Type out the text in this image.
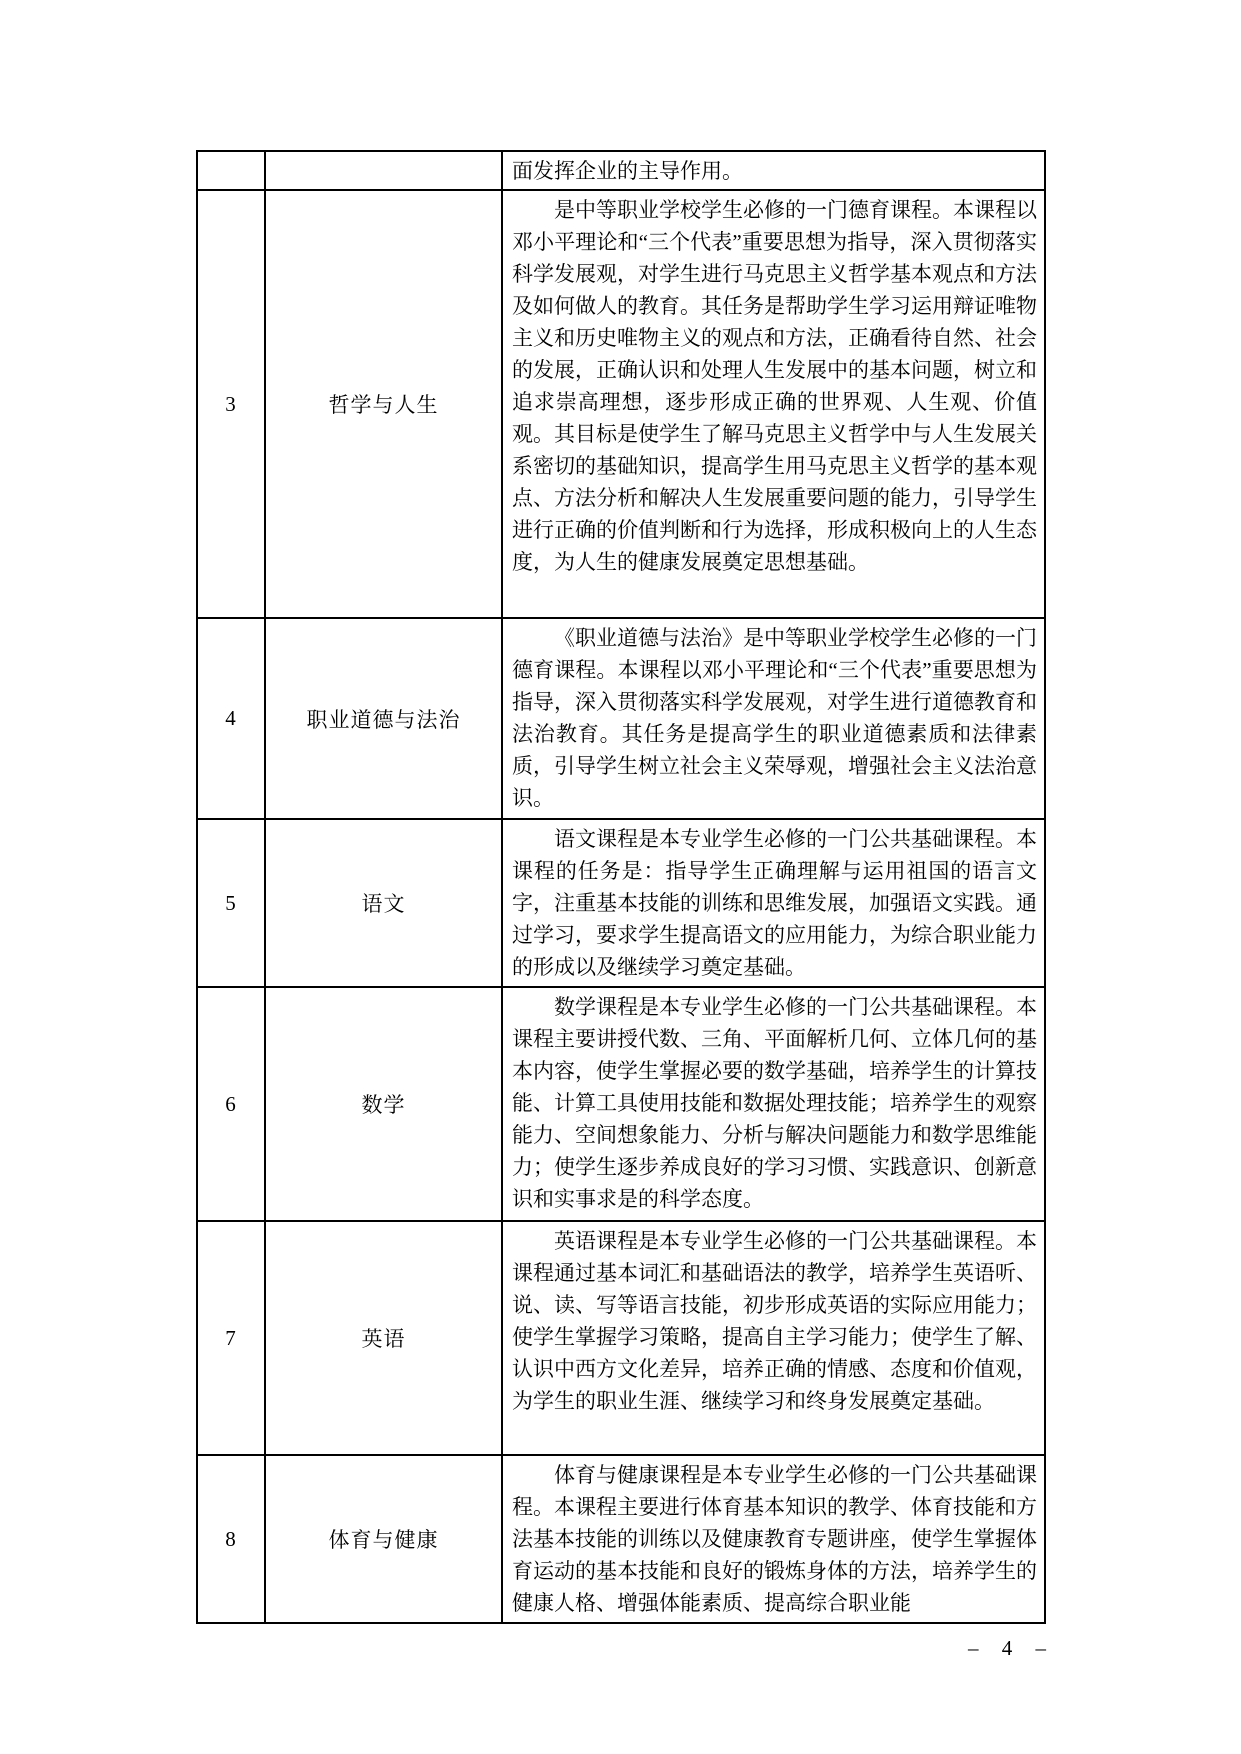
		面发挥企业的主导作用。

3	哲学与人生	是中等职业学校学生必修的一门德育课程。本课程以邓小平理论和“三个代表”重要思想为指导，深入贯彻落实科学发展观，对学生进行马克思主义哲学基本观点和方法及如何做人的教育。其任务是帮助学生学习运用辩证唯物主义和历史唯物主义的观点和方法，正确看待自然、社会的发展，正确认识和处理人生发展中的基本问题，树立和追求崇高理想，逐步形成正确的世界观、人生观、价值观。其目标是使学生了解马克思主义哲学中与人生发展关系密切的基础知识，提高学生用马克思主义哲学的基本观点、方法分析和解决人生发展重要问题的能力，引导学生进行正确的价值判断和行为选择，形成积极向上的人生态度，为人生的健康发展奠定思想基础。

4	职业道德与法治	《职业道德与法治》是中等职业学校学生必修的一门德育课程。本课程以邓小平理论和“三个代表”重要思想为指导，深入贯彻落实科学发展观，对学生进行道德教育和法治教育。其任务是提高学生的职业道德素质和法律素质，引导学生树立社会主义荣辱观，增强社会主义法治意识。

5	语文	语文课程是本专业学生必修的一门公共基础课程。本课程的任务是：指导学生正确理解与运用祖国的语言文字，注重基本技能的训练和思维发展，加强语文实践。通过学习，要求学生提高语文的应用能力，为综合职业能力的形成以及继续学习奠定基础。

6	数学	数学课程是本专业学生必修的一门公共基础课程。本课程主要讲授代数、三角、平面解析几何、立体几何的基本内容，使学生掌握必要的数学基础，培养学生的计算技能、计算工具使用技能和数据处理技能；培养学生的观察能力、空间想象能力、分析与解决问题能力和数学思维能力；使学生逐步养成良好的学习习惯、实践意识、创新意识和实事求是的科学态度。

7	英语	英语课程是本专业学生必修的一门公共基础课程。本课程通过基本词汇和基础语法的教学，培养学生英语听、说、读、写等语言技能，初步形成英语的实际应用能力；使学生掌握学习策略，提高自主学习能力；使学生了解、认识中西方文化差异，培养正确的情感、态度和价值观，为学生的职业生涯、继续学习和终身发展奠定基础。

8	体育与健康	体育与健康课程是本专业学生必修的一门公共基础课程。本课程主要进行体育基本知识的教学、体育技能和方法基本技能的训练以及健康教育专题讲座，使学生掌握体育运动的基本技能和良好的锻炼身体的方法，培养学生的健康人格、增强体能素质、提高综合职业能

– 4 –
